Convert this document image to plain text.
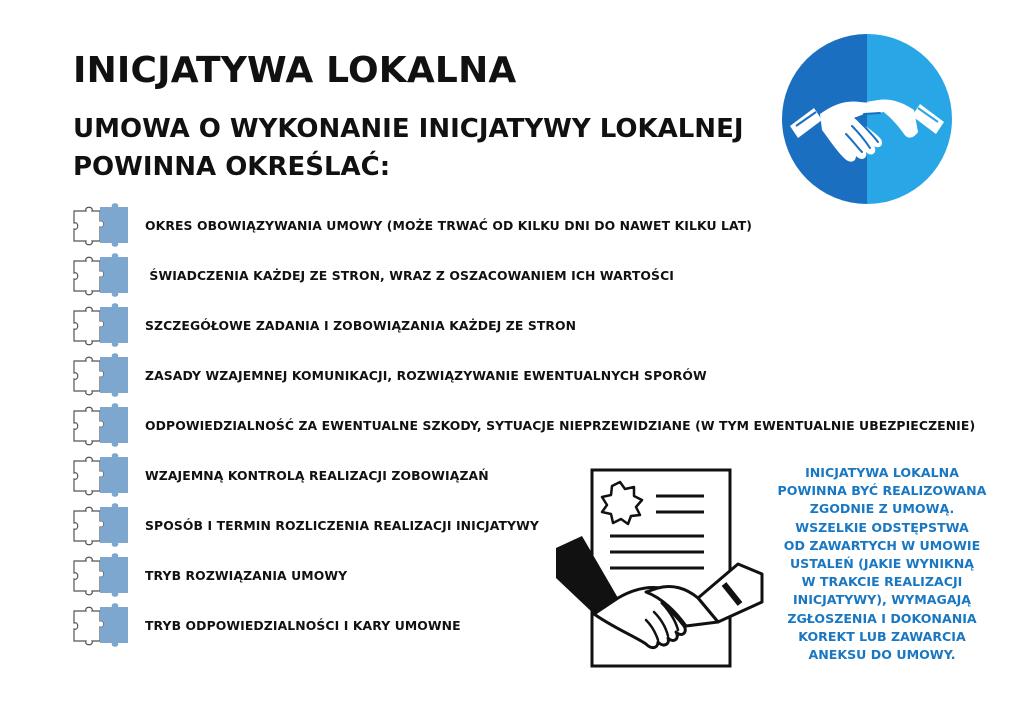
INICJATYWA LOKALNA
UMOWA O WYKONANIE INICJATYWY LOKALNEJ
POWINNA OKREŚLAĆ:
OKRES OBOWIĄZYWANIA UMOWY (MOŻE TRWAĆ OD KILKU DNI DO NAWET KILKU LAT)
ŚWIADCZENIA KAŻDEJ ZE STRON, WRAZ Z OSZACOWANIEM ICH WARTOŚCI
SZCZEGÓŁOWE ZADANIA I ZOBOWIĄZANIA KAŻDEJ ZE STRON
ZASADY WZAJEMNEJ KOMUNIKACJI, ROZWIĄZYWANIE EWENTUALNYCH SPORÓW
ODPOWIEDZIALNOŚĆ ZA EWENTUALNE SZKODY, SYTUACJE NIEPRZEWIDZIANE (W TYM EWENTUALNIE UBEZPIECZENIE)
WZAJEMNĄ KONTROLĄ REALIZACJI ZOBOWIĄZAŃ
SPOSÓB I TERMIN ROZLICZENIA REALIZACJI INICJATYWY
TRYB ROZWIĄZANIA UMOWY
TRYB ODPOWIEDZIALNOŚCI I KARY UMOWNE
INICJATYWA LOKALNA
POWINNA BYĆ REALIZOWANA
ZGODNIE Z UMOWĄ.
WSZELKIE ODSTĘPSTWA
OD ZAWARTYCH W UMOWIE
USTALEŃ (JAKIE WYNIKNĄ
W TRAKCIE REALIZACJI
INICJATYWY), WYMAGAJĄ
ZGŁOSZENIA I DOKONANIA
KOREKT LUB ZAWARCIA
ANEKSU DO UMOWY.
